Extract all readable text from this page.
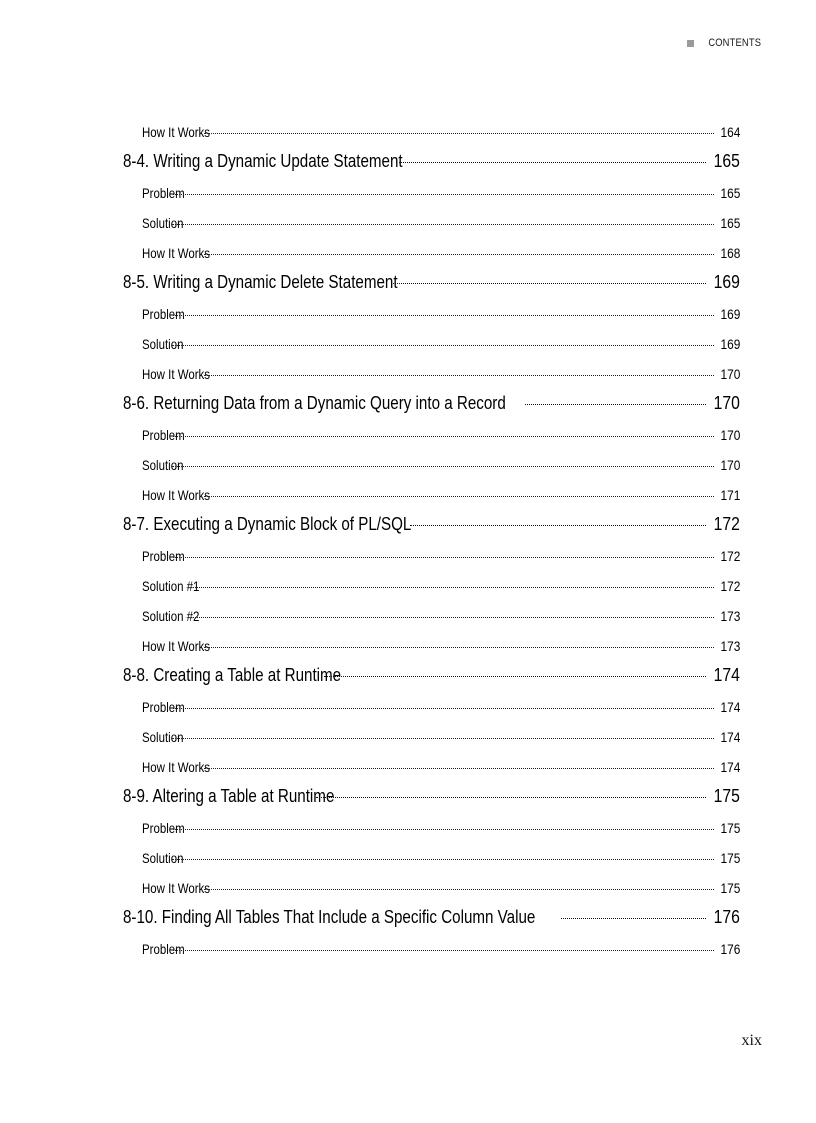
CONTENTS
How It Works	164
8-4. Writing a Dynamic Update Statement	165
Problem	165
Solution	165
How It Works	168
8-5. Writing a Dynamic Delete Statement	169
Problem	169
Solution	169
How It Works	170
8-6. Returning Data from a Dynamic Query into a Record	170
Problem	170
Solution	170
How It Works	171
8-7. Executing a Dynamic Block of PL/SQL	172
Problem	172
Solution #1	172
Solution #2	173
How It Works	173
8-8. Creating a Table at Runtime	174
Problem	174
Solution	174
How It Works	174
8-9. Altering a Table at Runtime	175
Problem	175
Solution	175
How It Works	175
8-10. Finding All Tables That Include a Specific Column Value	176
Problem	176
xix
